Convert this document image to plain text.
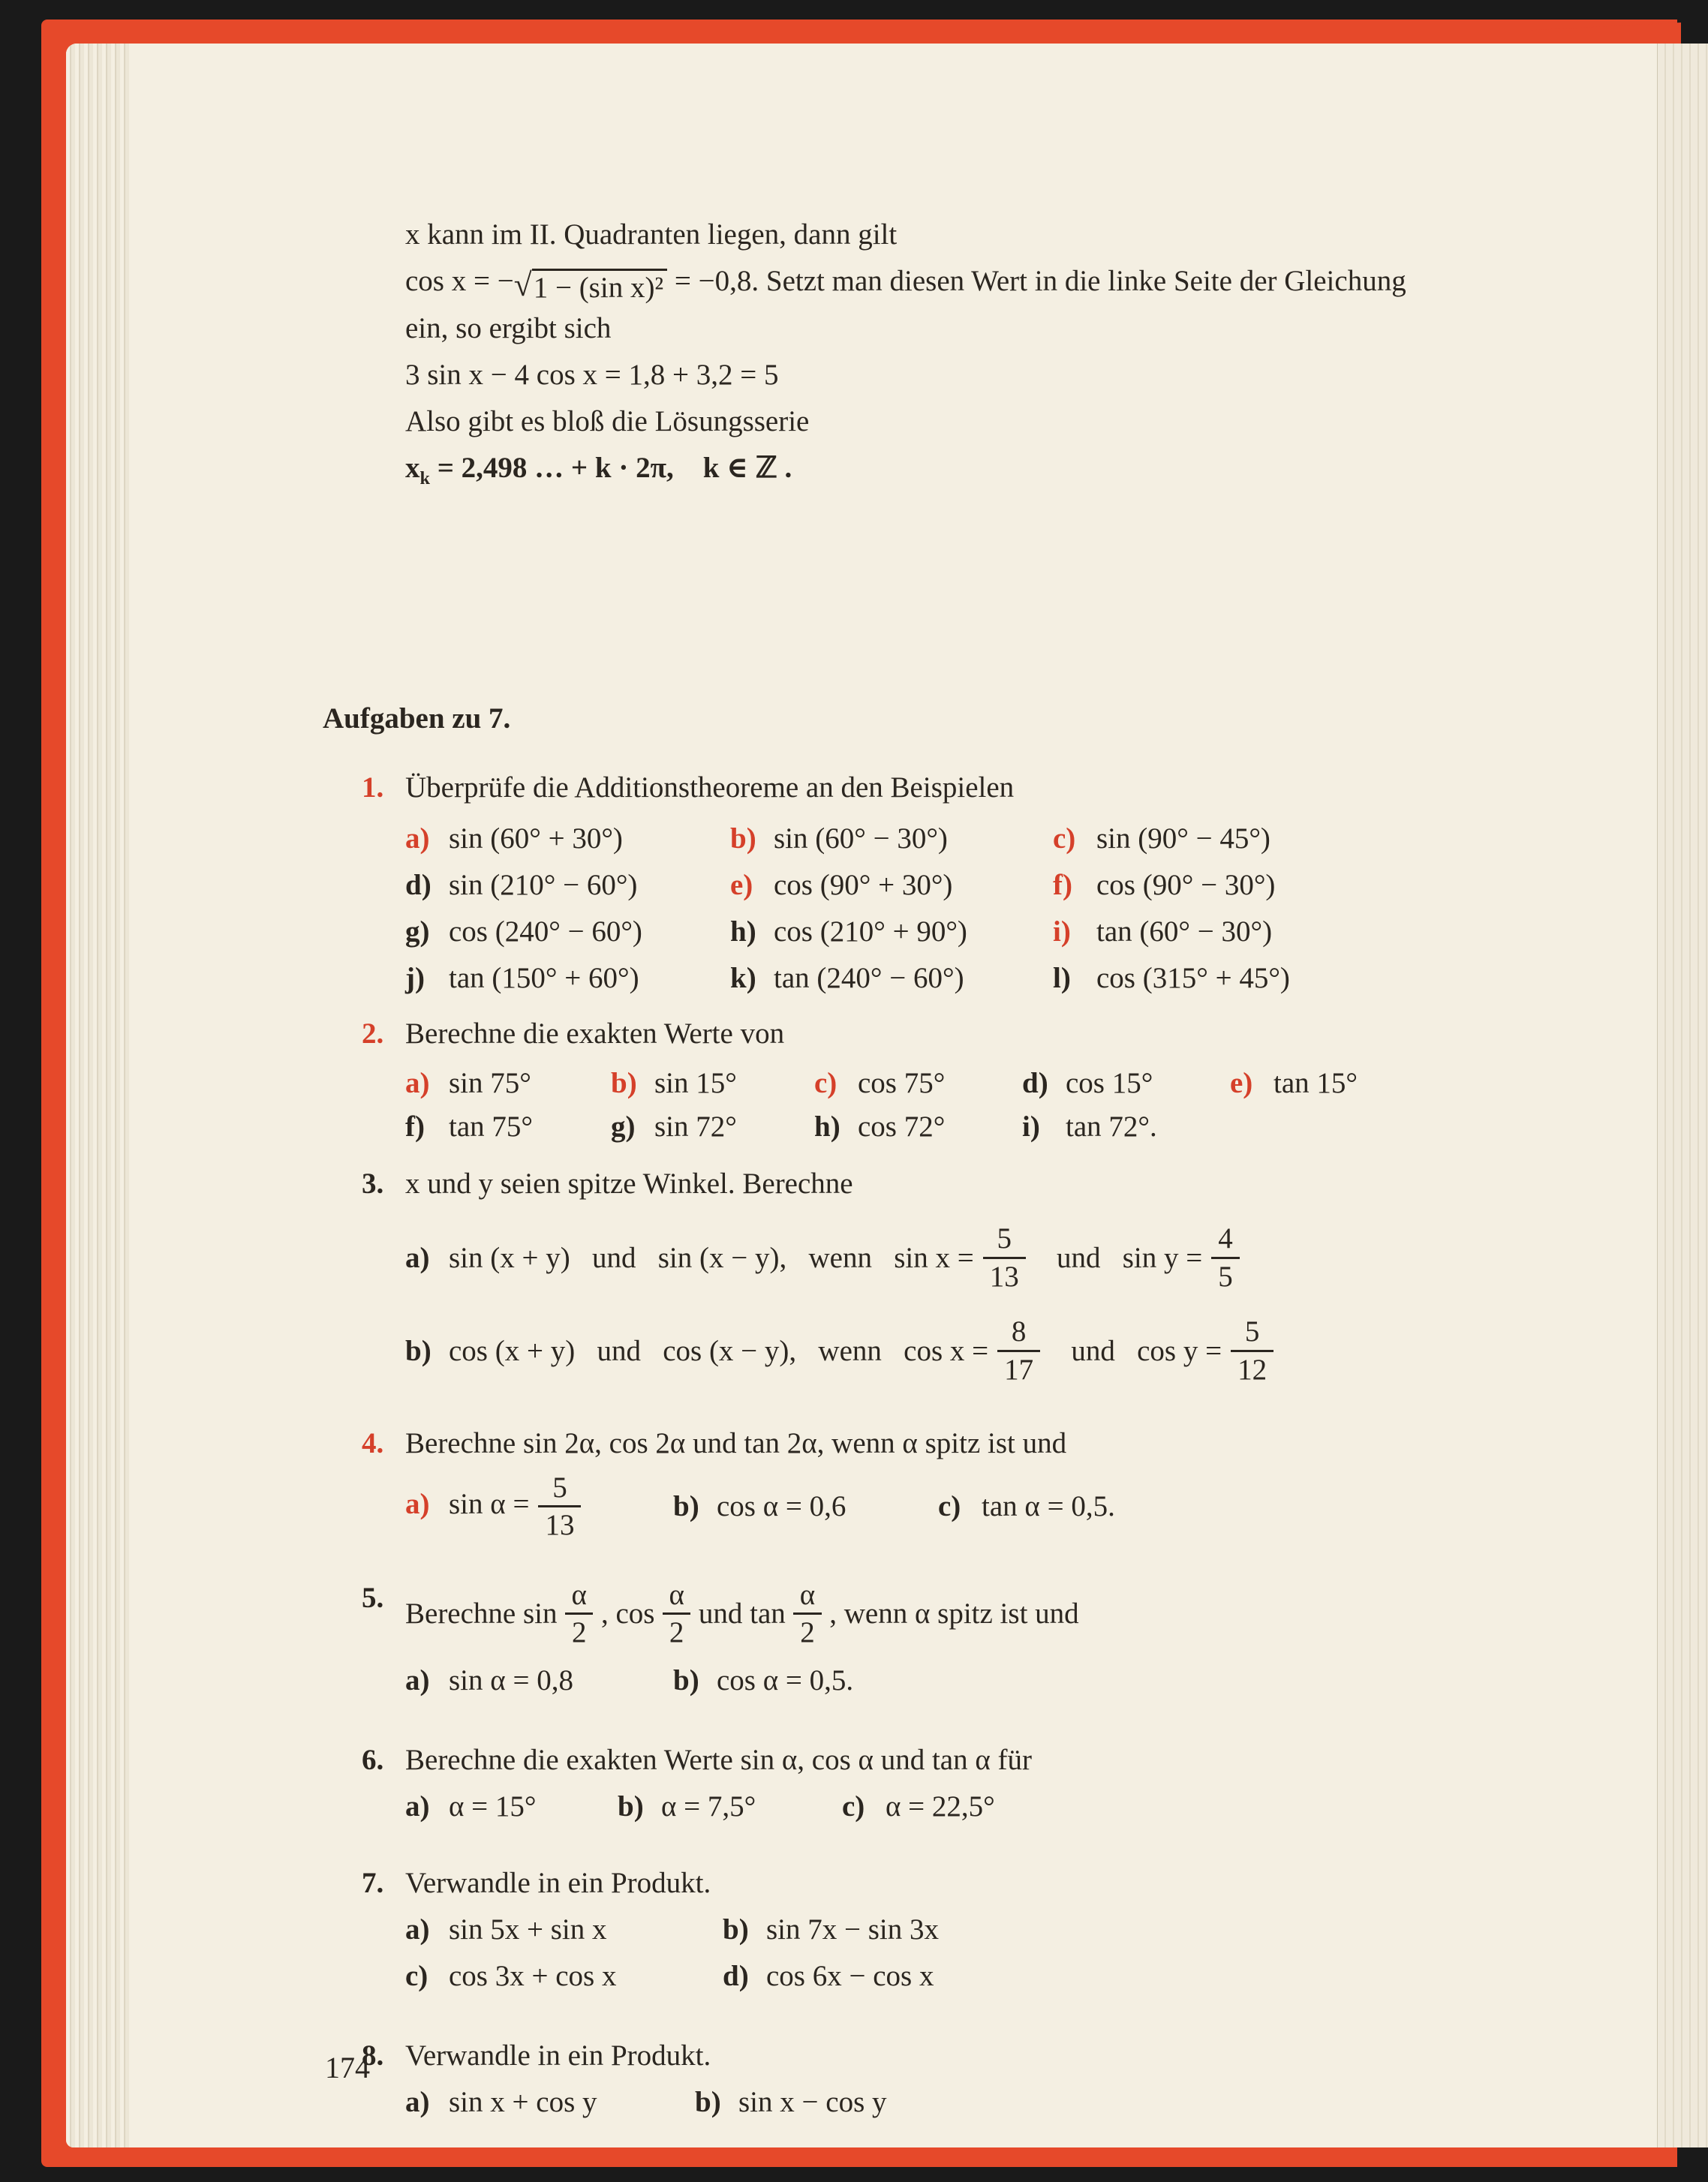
x kann im II. Quadranten liegen, dann gilt
cos x = − √ 1 − (sin x)² = −0,8. Setzt man diesen Wert in die linke Seite der Gleichung
ein, so ergibt sich
3 sin x − 4 cos x = 1,8 + 3,2 = 5
Also gibt es bloß die Lösungsserie
$x_k = 2,498$ … + k · 2π,    k ∈ ℤ .
Aufgaben zu 7.
1. Überprüfe die Additionstheoreme an den Beispielen
a) sin (60° + 30°)	b) sin (60° − 30°)	c) sin (90° − 45°)
d) sin (210° − 60°)	e) cos (90° + 30°)	f) cos (90° − 30°)
g) cos (240° − 60°)	h) cos (210° + 90°)	i) tan (60° − 30°)
j) tan (150° + 60°)	k) tan (240° − 60°)	l) cos (315° + 45°)
2. Berechne die exakten Werte von
a) sin 75°	b) sin 15°	c) cos 75°	d) cos 15°	e) tan 15°
f) tan 75°	g) sin 72°	h) cos 72°	i) tan 72°.
3. x und y seien spitze Winkel. Berechne
a) sin (x + y)   und   sin (x − y),   wenn   $\sin x = \frac{5}{13}$ und   $\sin y = \frac{4}{5}$
b) cos (x + y)   und   cos (x − y),   wenn   $\cos x = \frac{8}{17}$ und   $\cos y = \frac{5}{12}$
4. Berechne sin 2α, cos 2α und tan 2α, wenn α spitz ist und
a) $\sin \alpha = \frac{5}{13}$	b) cos α = 0,6	c) tan α = 0,5.
5. Berechne $\sin \frac{\alpha}{2}$ , $\cos \frac{\alpha}{2}$ und $\tan \frac{\alpha}{2}$ , wenn α spitz ist und
a) sin α = 0,8	b) cos α = 0,5.
6. Berechne die exakten Werte sin α, cos α und tan α für
a) α = 15°	b) α = 7,5°	c) α = 22,5°
7. Verwandle in ein Produkt.
a) sin 5x + sin x	b) sin 7x − sin 3x
c) cos 3x + cos x	d) cos 6x − cos x
8. Verwandle in ein Produkt.
a) sin x + cos y	b) sin x − cos y
174
